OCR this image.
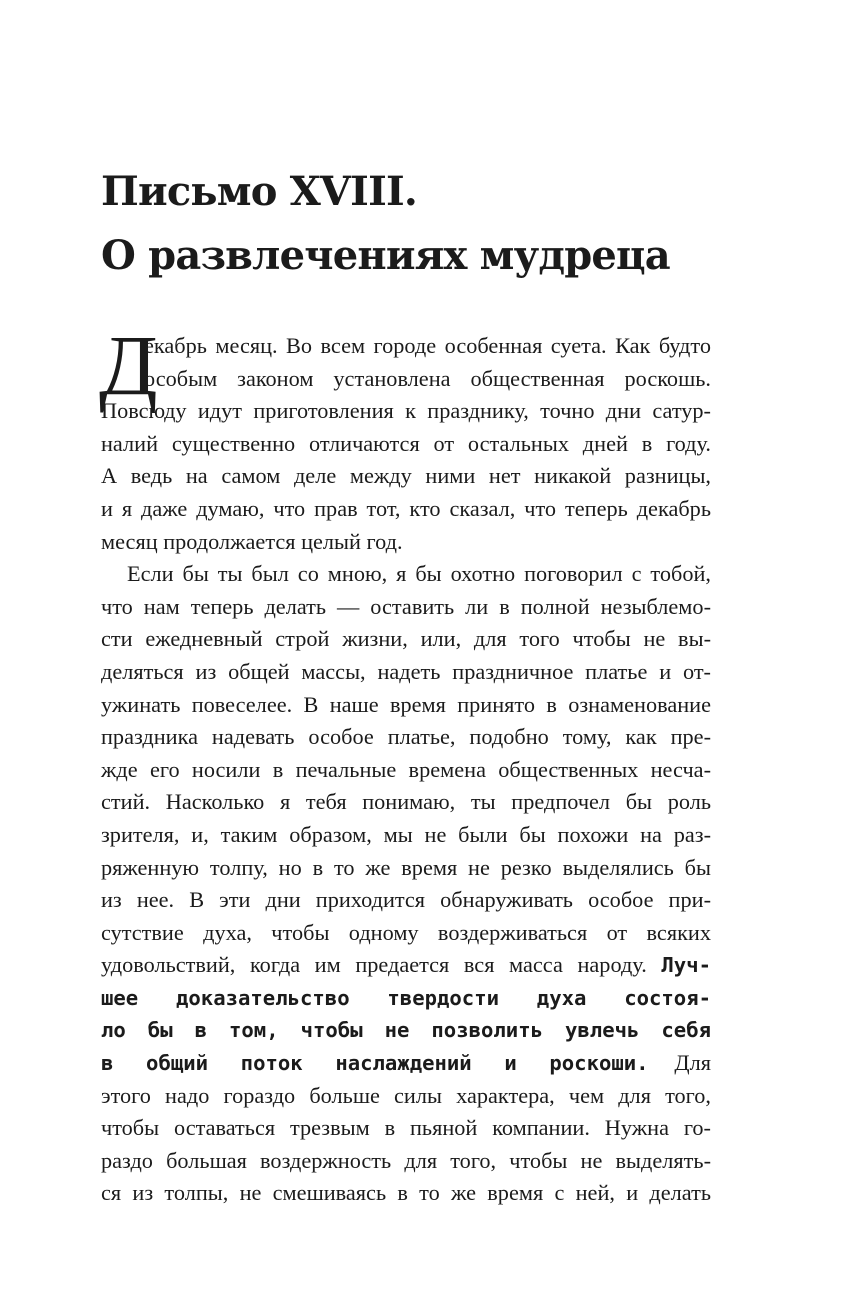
Письмо XVIII.
О развлечениях мудреца
Д
екабрь месяц. Во всем городе особенная суета. Как будто
особым законом установлена общественная роскошь.
Повсюду идут приготовления к празднику, точно дни сатур-
налий существенно отличаются от остальных дней в году.
А ведь на самом деле между ними нет никакой разницы,
и я даже думаю, что прав тот, кто сказал, что теперь декабрь
месяц продолжается целый год.
Если бы ты был со мною, я бы охотно поговорил с тобой,
что нам теперь делать — оставить ли в полной незыблемо-
сти ежедневный строй жизни, или, для того чтобы не вы-
деляться из общей массы, надеть праздничное платье и от-
ужинать повеселее. В наше время принято в ознаменование
праздника надевать особое платье, подобно тому, как пре-
жде его носили в печальные времена общественных несча-
стий. Насколько я тебя понимаю, ты предпочел бы роль
зрителя, и, таким образом, мы не были бы похожи на раз-
ряженную толпу, но в то же время не резко выделялись бы
из нее. В эти дни приходится обнаруживать особое при-
сутствие духа, чтобы одному воздерживаться от всяких
удовольствий, когда им предается вся масса народу. Луч-
шее доказательство твердости духа состоя-
ло бы в том, чтобы не позволить увлечь себя
в общий поток наслаждений и роскоши. Для
этого надо гораздо больше силы характера, чем для того,
чтобы оставаться трезвым в пьяной компании. Нужна го-
раздо большая воздержность для того, чтобы не выделять-
ся из толпы, не смешиваясь в то же время с ней, и делать
